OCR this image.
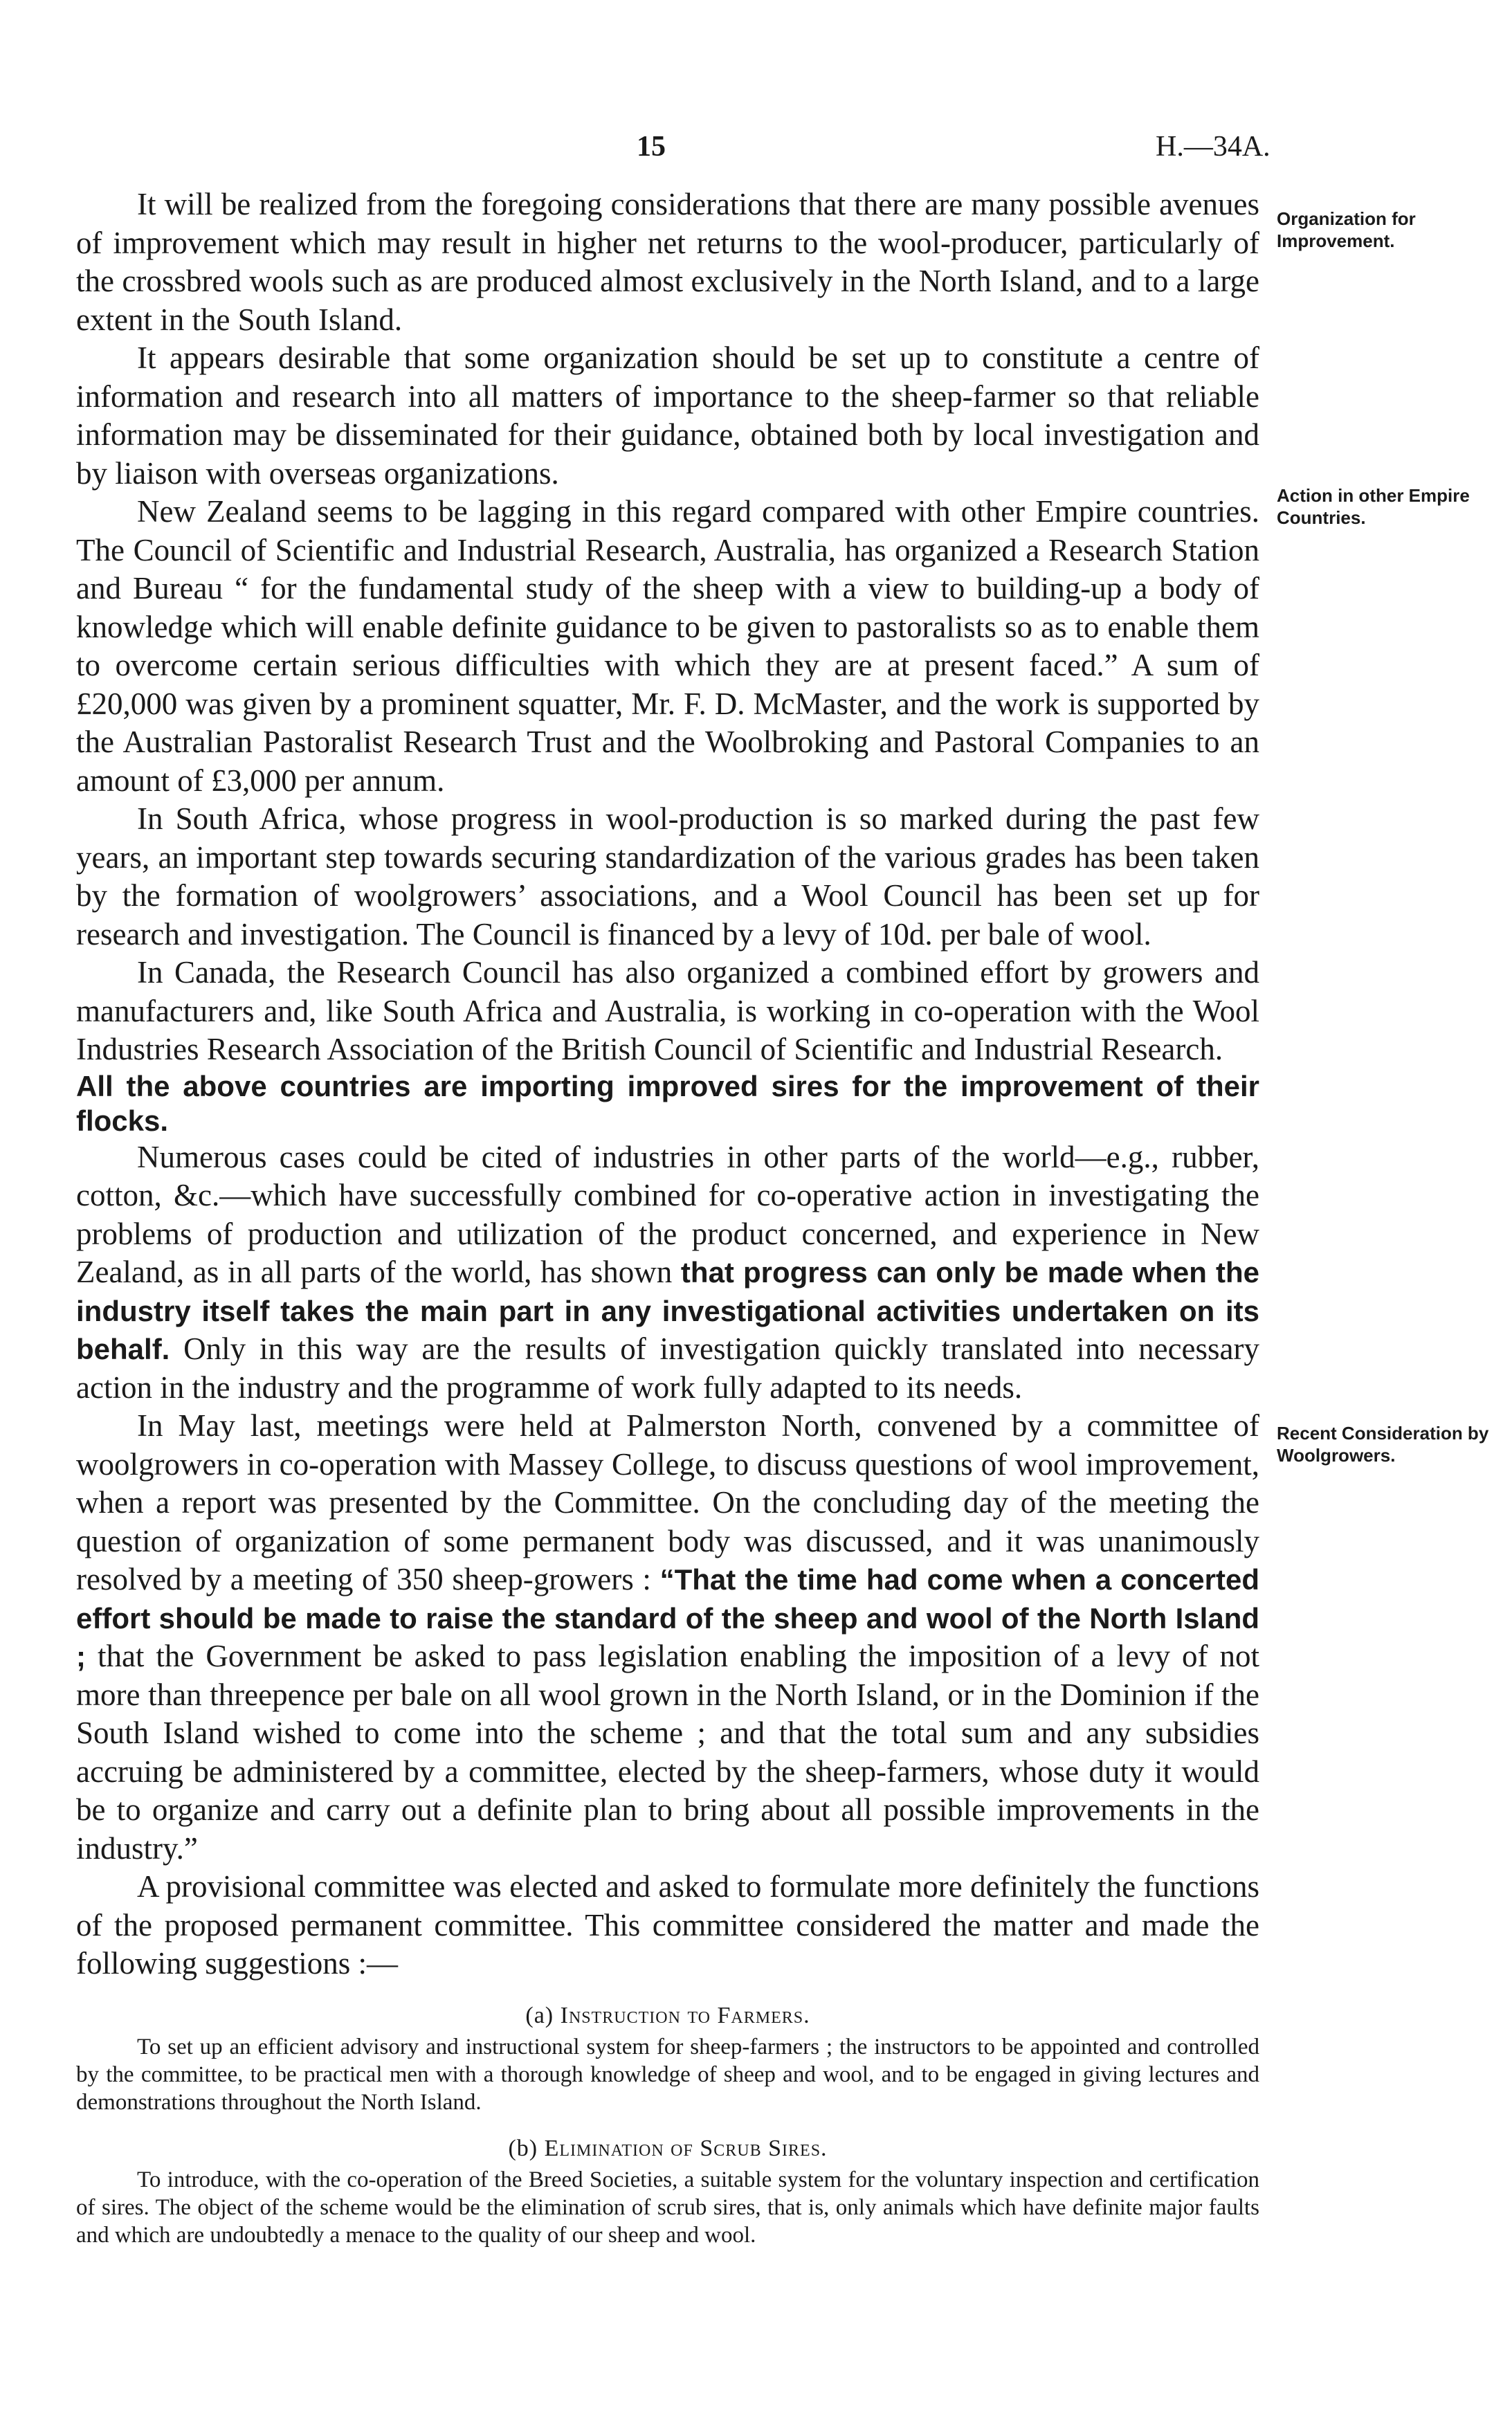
15	H.—34A.
Organization for Improvement.
Action in other Empire Countries.
Recent Consideration by Woolgrowers.

It will be realized from the foregoing considerations that there are many possible avenues of improvement which may result in higher net returns to the wool-producer, particularly of the crossbred wools such as are produced almost exclusively in the North Island, and to a large extent in the South Island.

It appears desirable that some organization should be set up to constitute a centre of information and research into all matters of importance to the sheep-farmer so that reliable information may be disseminated for their guidance, obtained both by local investigation and by liaison with overseas organizations.

New Zealand seems to be lagging in this regard compared with other Empire countries. The Council of Scientific and Industrial Research, Australia, has organized a Research Station and Bureau “ for the fundamental study of the sheep with a view to building-up a body of knowledge which will enable definite guidance to be given to pastoralists so as to enable them to overcome certain serious difficulties with which they are at present faced.” A sum of £20,000 was given by a prominent squatter, Mr. F. D. McMaster, and the work is supported by the Australian Pastoralist Research Trust and the Woolbroking and Pastoral Companies to an amount of £3,000 per annum.

In South Africa, whose progress in wool-production is so marked during the past few years, an important step towards securing standardization of the various grades has been taken by the formation of woolgrowers’ associations, and a Wool Council has been set up for research and investigation. The Council is financed by a levy of 10d. per bale of wool.

In Canada, the Research Council has also organized a combined effort by growers and manufacturers and, like South Africa and Australia, is working in co-operation with the Wool Industries Research Association of the British Council of Scientific and Industrial Research.

All the above countries are importing improved sires for the improvement of their flocks.

Numerous cases could be cited of industries in other parts of the world—e.g., rubber, cotton, &c.—which have successfully combined for co-operative action in investigating the problems of production and utilization of the product concerned, and experience in New Zealand, as in all parts of the world, has shown that progress can only be made when the industry itself takes the main part in any investigational activities undertaken on its behalf. Only in this way are the results of investigation quickly translated into necessary action in the industry and the programme of work fully adapted to its needs.

In May last, meetings were held at Palmerston North, convened by a committee of woolgrowers in co-operation with Massey College, to discuss questions of wool improvement, when a report was presented by the Committee. On the concluding day of the meeting the question of organization of some permanent body was discussed, and it was unanimously resolved by a meeting of 350 sheep-growers : “That the time had come when a concerted effort should be made to raise the standard of the sheep and wool of the North Island ; that the Government be asked to pass legislation enabling the imposition of a levy of not more than threepence per bale on all wool grown in the North Island, or in the Dominion if the South Island wished to come into the scheme ; and that the total sum and any subsidies accruing be administered by a committee, elected by the sheep-farmers, whose duty it would be to organize and carry out a definite plan to bring about all possible improvements in the industry.”

A provisional committee was elected and asked to formulate more definitely the functions of the proposed permanent committee. This committee considered the matter and made the following suggestions :—

(a) Instruction to Farmers.

To set up an efficient advisory and instructional system for sheep-farmers ; the instructors to be appointed and controlled by the committee, to be practical men with a thorough knowledge of sheep and wool, and to be engaged in giving lectures and demonstrations throughout the North Island.

(b) Elimination of Scrub Sires.

To introduce, with the co-operation of the Breed Societies, a suitable system for the voluntary inspection and certification of sires. The object of the scheme would be the elimination of scrub sires, that is, only animals which have definite major faults and which are undoubtedly a menace to the quality of our sheep and wool.
